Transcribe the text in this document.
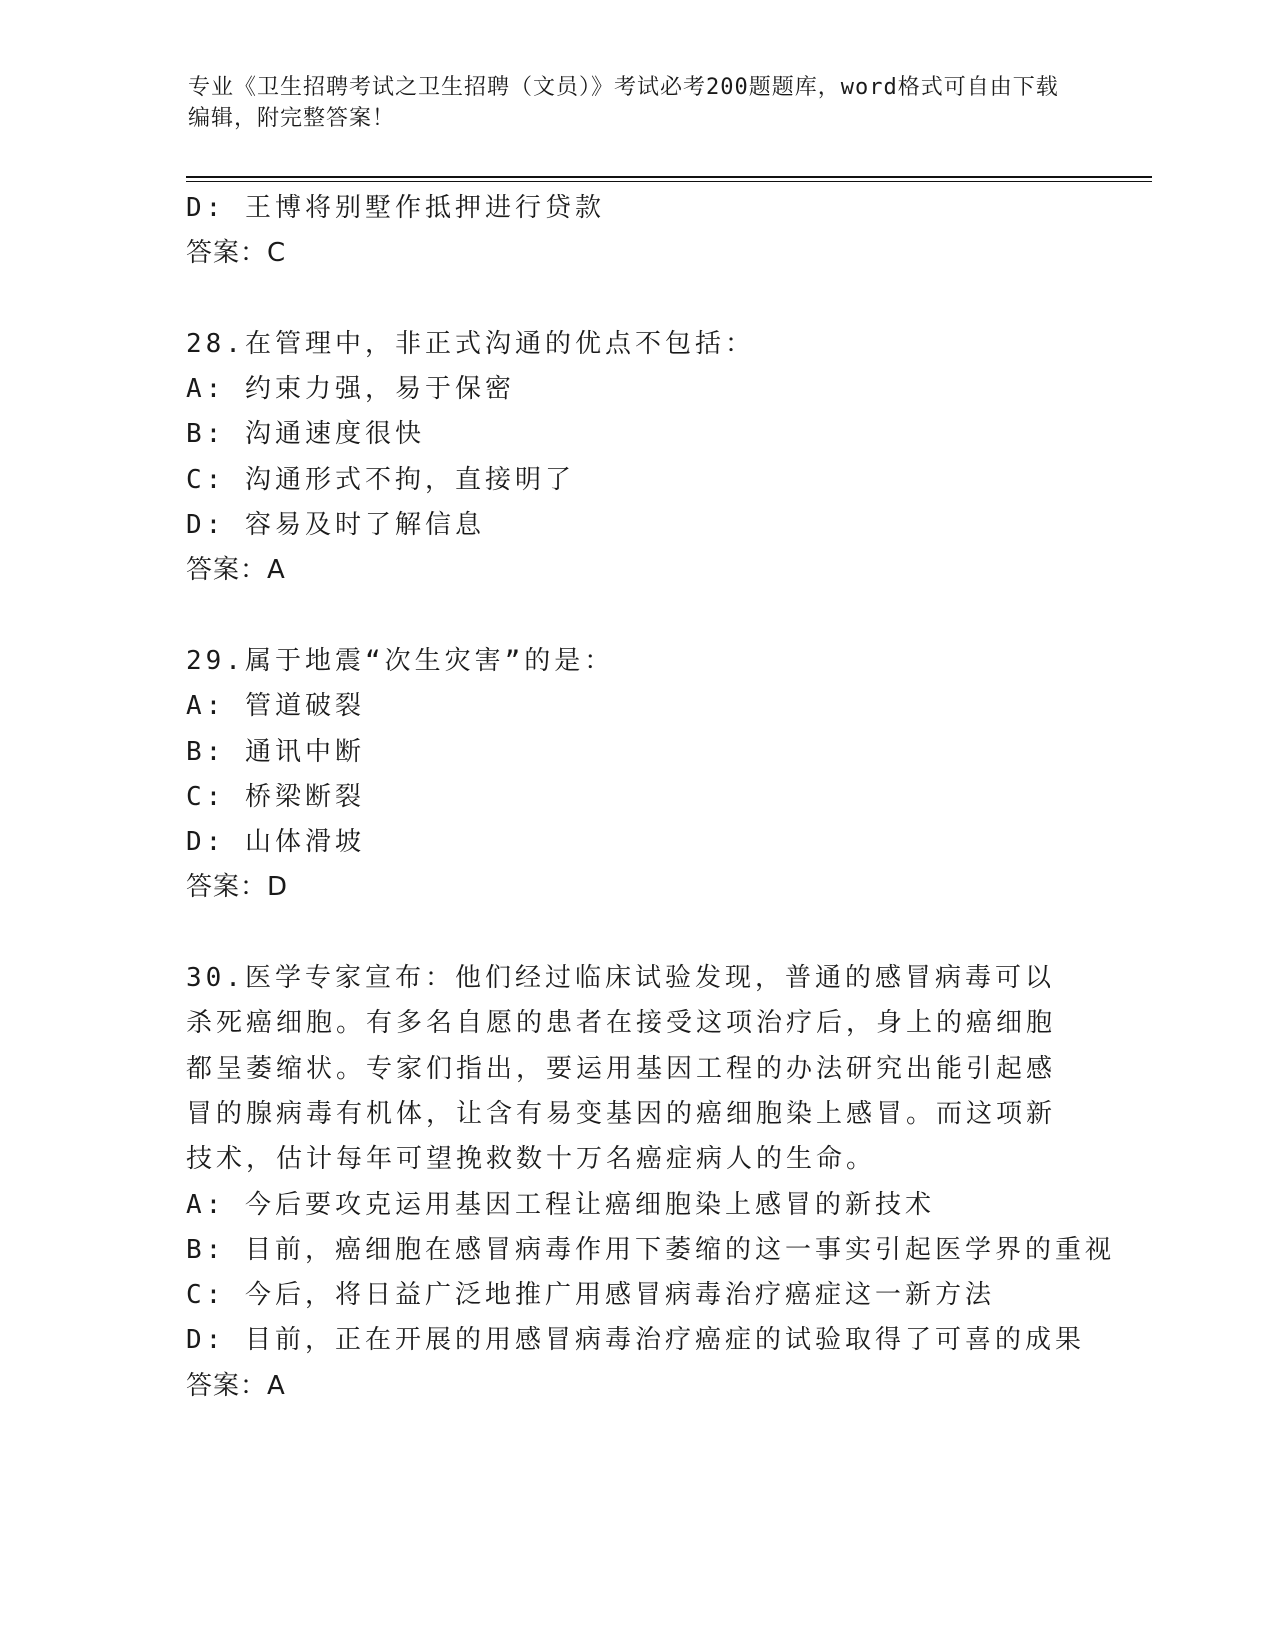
专业《卫生招聘考试之卫生招聘（文员）》考试必考200题题库，word格式可自由下载编辑，附完整答案！
D: 王博将别墅作抵押进行贷款
答案：C
28.在管理中，非正式沟通的优点不包括：
A: 约束力强，易于保密
B: 沟通速度很快
C: 沟通形式不拘，直接明了
D: 容易及时了解信息
答案：A
29.属于地震“次生灾害”的是：
A: 管道破裂
B: 通讯中断
C: 桥梁断裂
D: 山体滑坡
答案：D
30.医学专家宣布：他们经过临床试验发现，普通的感冒病毒可以杀死癌细胞。有多名自愿的患者在接受这项治疗后，身上的癌细胞都呈萎缩状。专家们指出，要运用基因工程的办法研究出能引起感冒的腺病毒有机体，让含有易变基因的癌细胞染上感冒。而这项新技术，估计每年可望挽救数十万名癌症病人的生命。
A: 今后要攻克运用基因工程让癌细胞染上感冒的新技术
B: 目前，癌细胞在感冒病毒作用下萎缩的这一事实引起医学界的重视
C: 今后，将日益广泛地推广用感冒病毒治疗癌症这一新方法
D: 目前，正在开展的用感冒病毒治疗癌症的试验取得了可喜的成果
答案：A
